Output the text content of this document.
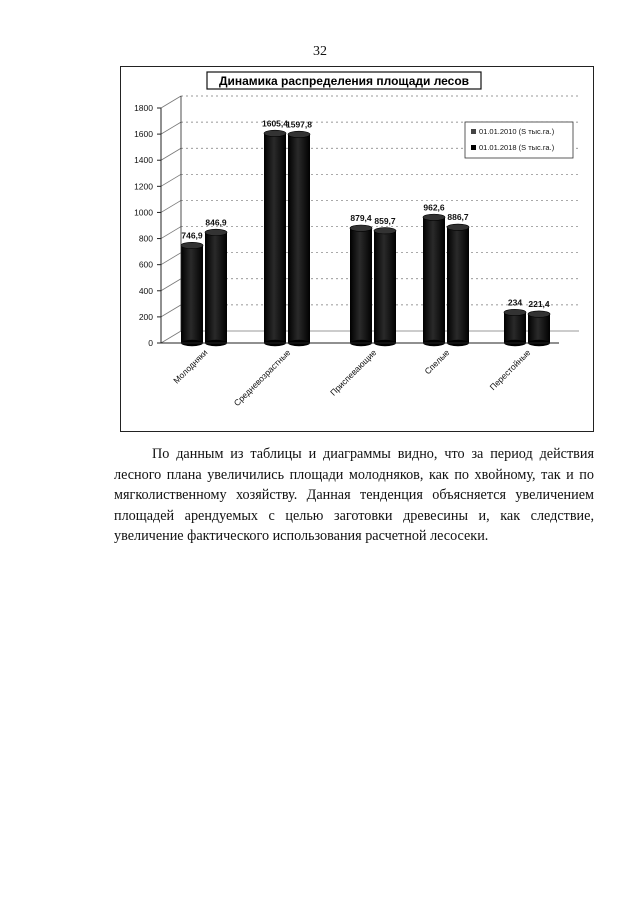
32
746,9
846,9
1605,4
1597,8
879,4 859,7
962,6
886,7
234 221,4
0
200
400
600
800
1000
1200
1400
1600
1800
Молодняки	Средневозрастные	Приспевающие	Спелые	Перестойные
01.01.2010 (S тыс.га.)
01.01.2018 (S тыс.га.)
Динамика распределения площади лесов

По данным из таблицы и диаграммы видно, что за период действия лесного плана увеличились площади молодняков, как по хвойному, так и по мягколиственному хозяйству. Данная тенденция объясняется увеличением площадей арендуемых с целью заготовки древесины и, как следствие, увеличение фактического использования расчетной лесосеки.
